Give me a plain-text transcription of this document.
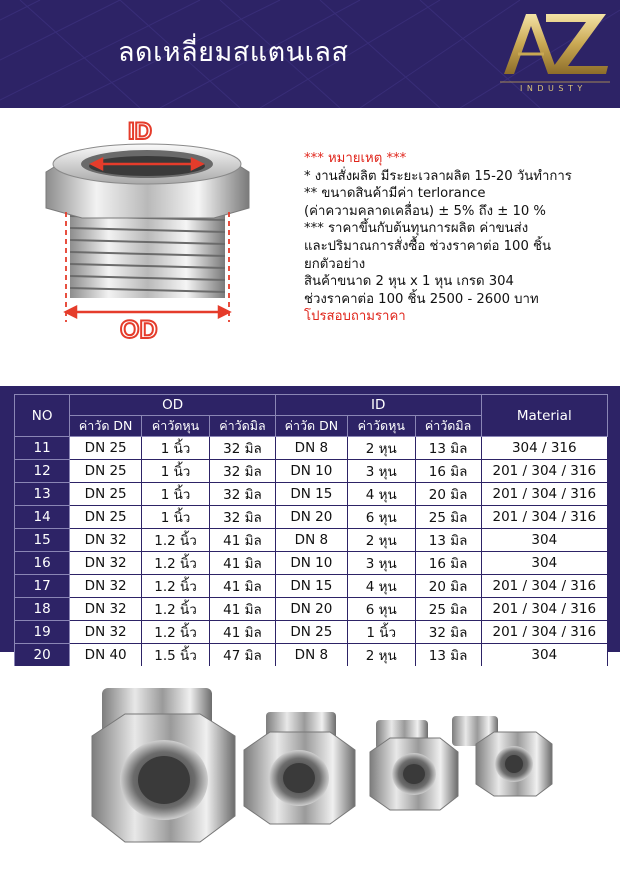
ลดเหลี่ยมสแตนเลส
INDUSTY
ID
OD
*** หมายเหตุ ***
* งานสั่งผลิต มีระยะเวลาผลิต 15-20 วันทำการ
** ขนาดสินค้ามีค่า terlorance
(ค่าความคลาดเคลื่อน) ± 5% ถึง ± 10 %
*** ราคาขึ้นกับต้นทุนการผลิต ค่าขนส่ง
และปริมาณการสั่งซื้อ ช่วงราคาต่อ 100 ชิ้น
ยกตัวอย่าง
สินค้าขนาด 2 หุน x 1 หุน เกรด 304
ช่วงราคาต่อ 100 ชิ้น 2500 - 2600 บาท
โปรสอบถามราคา
NO	OD			ID			Material
	ค่าวัด DN	ค่าวัดหุน	ค่าวัดมิล	ค่าวัด DN	ค่าวัดหุน	ค่าวัดมิล	
11	DN 25	1 นิ้ว	32 มิล	DN 8	2 หุน	13 มิล	304 / 316
12	DN 25	1 นิ้ว	32 มิล	DN 10	3 หุน	16 มิล	201 / 304 / 316
13	DN 25	1 นิ้ว	32 มิล	DN 15	4 หุน	20 มิล	201 / 304 / 316
14	DN 25	1 นิ้ว	32 มิล	DN 20	6 หุน	25 มิล	201 / 304 / 316
15	DN 32	1.2 นิ้ว	41 มิล	DN 8	2 หุน	13 มิล	304
16	DN 32	1.2 นิ้ว	41 มิล	DN 10	3 หุน	16 มิล	304
17	DN 32	1.2 นิ้ว	41 มิล	DN 15	4 หุน	20 มิล	201 / 304 / 316
18	DN 32	1.2 นิ้ว	41 มิล	DN 20	6 หุน	25 มิล	201 / 304 / 316
19	DN 32	1.2 นิ้ว	41 มิล	DN 25	1 นิ้ว	32 มิล	201 / 304 / 316
20	DN 40	1.5 นิ้ว	47 มิล	DN 8	2 หุน	13 มิล	304
